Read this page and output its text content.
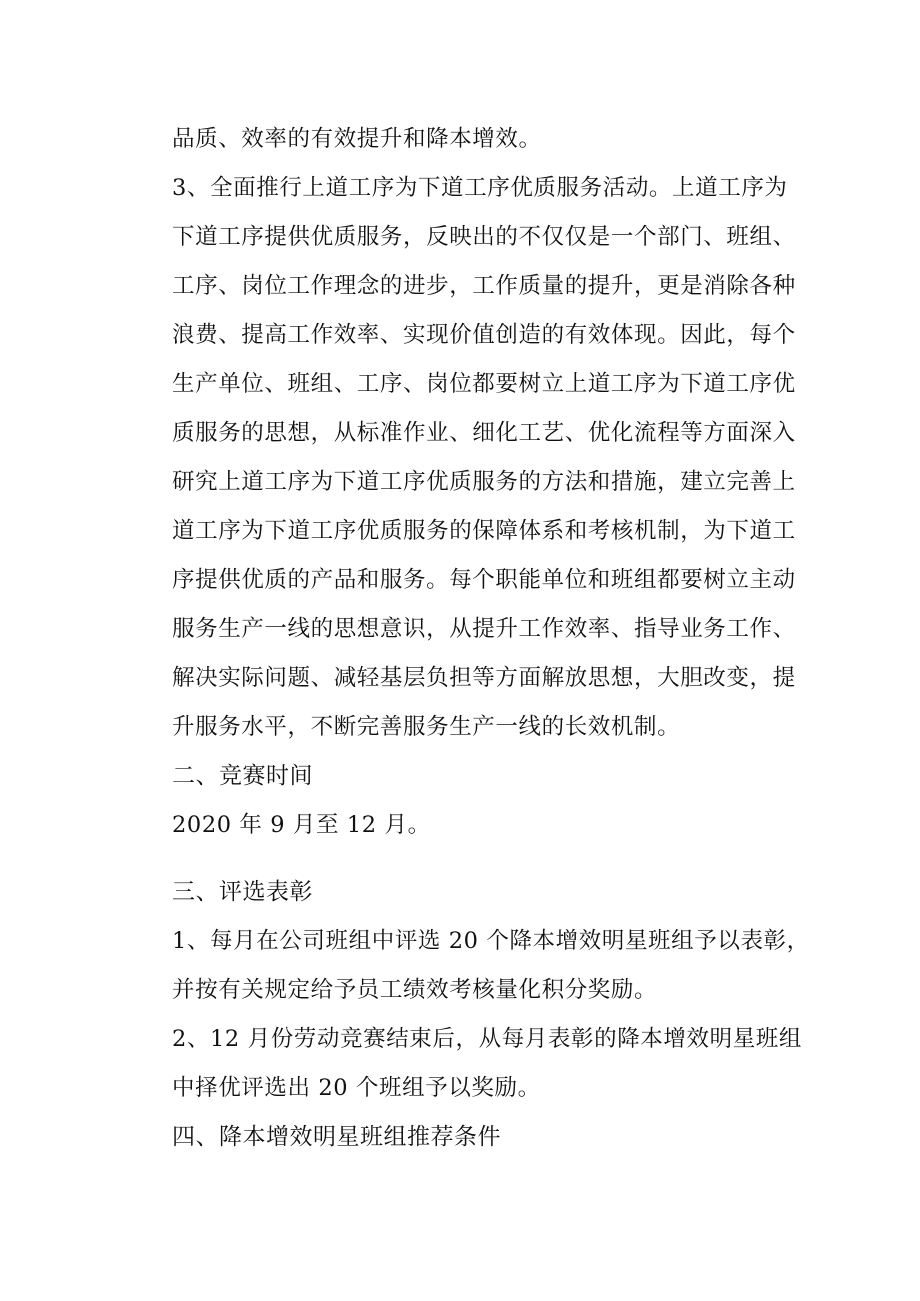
品质、效率的有效提升和降本增效。
3、全面推行上道工序为下道工序优质服务活动。上道工序为
下道工序提供优质服务，反映出的不仅仅是一个部门、班组、
工序、岗位工作理念的进步，工作质量的提升，更是消除各种
浪费、提高工作效率、实现价值创造的有效体现。因此，每个
生产单位、班组、工序、岗位都要树立上道工序为下道工序优
质服务的思想，从标准作业、细化工艺、优化流程等方面深入
研究上道工序为下道工序优质服务的方法和措施，建立完善上
道工序为下道工序优质服务的保障体系和考核机制，为下道工
序提供优质的产品和服务。每个职能单位和班组都要树立主动
服务生产一线的思想意识，从提升工作效率、指导业务工作、
解决实际问题、减轻基层负担等方面解放思想，大胆改变，提
升服务水平，不断完善服务生产一线的长效机制。
二、竞赛时间
2020 年 9 月至 12 月。
三、评选表彰
1、每月在公司班组中评选 20 个降本增效明星班组予以表彰，
并按有关规定给予员工绩效考核量化积分奖励。
2、12 月份劳动竞赛结束后，从每月表彰的降本增效明星班组
中择优评选出 20 个班组予以奖励。
四、降本增效明星班组推荐条件
